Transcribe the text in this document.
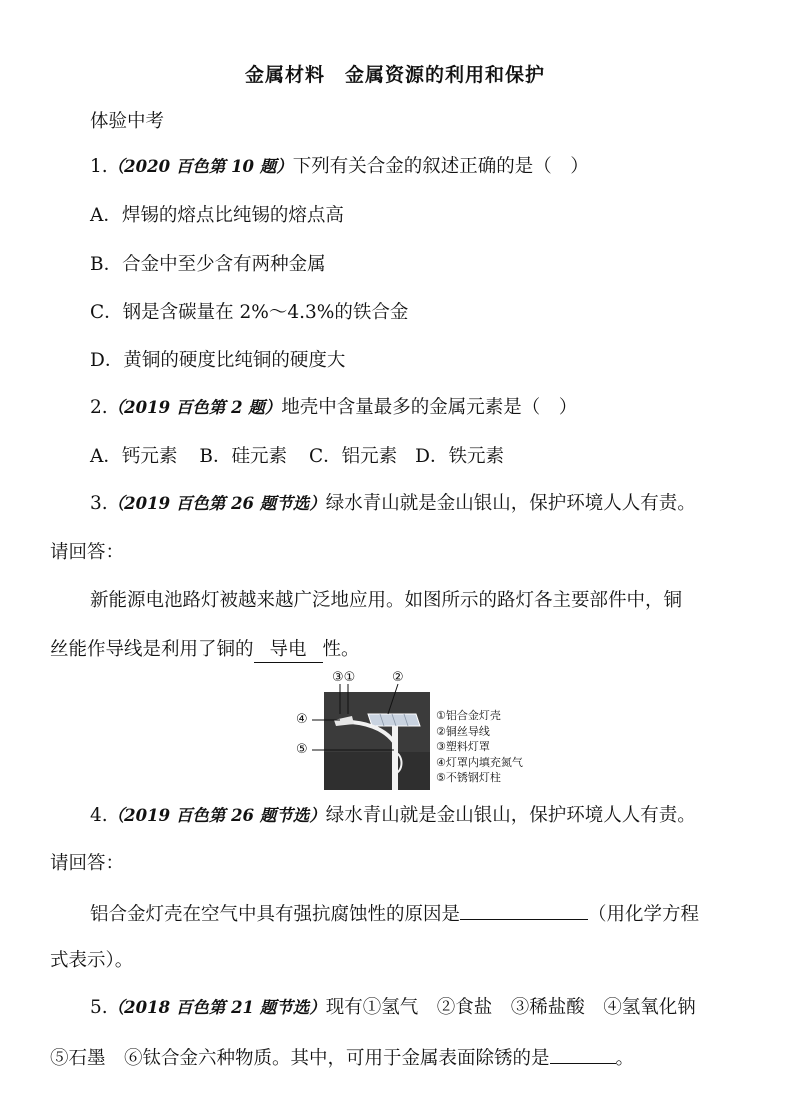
金属材料　金属资源的利用和保护
体验中考
1.（2020 百色第 10 题）下列有关合金的叙述正确的是（　）
A．焊锡的熔点比纯锡的熔点高
B．合金中至少含有两种金属
C．钢是含碳量在 2%～4.3%的铁合金
D．黄铜的硬度比纯铜的硬度大
2.（2019 百色第 2 题）地壳中含量最多的金属元素是（　）
A．钙元素 B．硅元素 C．铝元素 D．铁元素
3.（2019 百色第 26 题节选）绿水青山就是金山银山，保护环境人人有责。
请回答：
新能源电池路灯被越来越广泛地应用。如图所示的路灯各主要部件中，铜
丝能作导线是利用了铜的 导电 性。
③①	②
④
⑤
①铝合金灯壳
②铜丝导线
③塑料灯罩
④灯罩内填充氮气
⑤不锈钢灯柱
4.（2019 百色第 26 题节选）绿水青山就是金山银山，保护环境人人有责。
请回答：
铝合金灯壳在空气中具有强抗腐蚀性的原因是	（用化学方程
式表示）。
5.（2018 百色第 21 题节选）现有①氢气　②食盐　③稀盐酸　④氢氧化钠
⑤石墨　⑥钛合金六种物质。其中，可用于金属表面除锈的是	。
